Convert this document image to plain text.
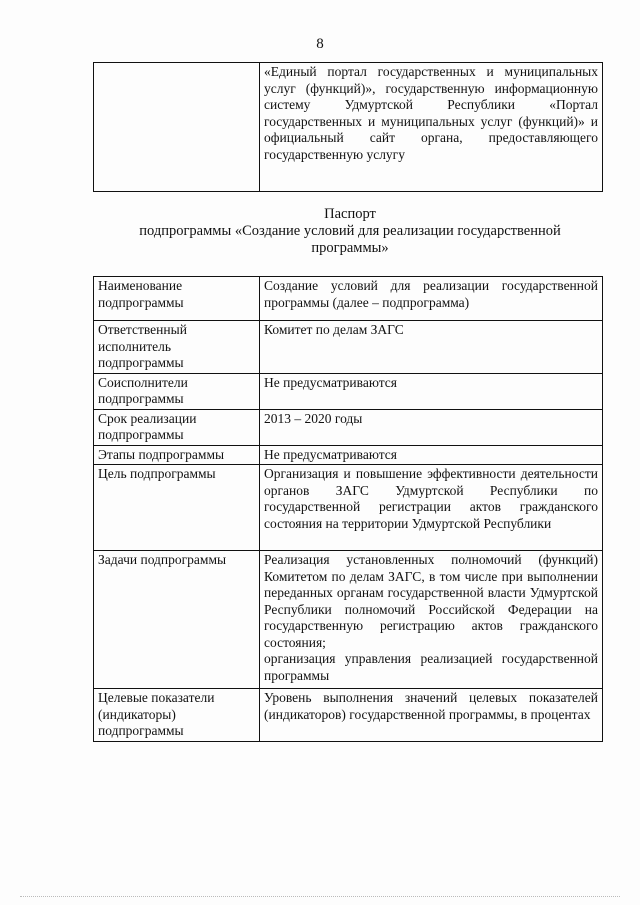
8
	«Единый портал государственных и муниципальных услуг (функций)», государственную информационную систему Удмуртской Республики «Портал государственных и муниципальных услуг (функций)» и официальный сайт органа, предоставляющего государственную услугу
Паспорт
подпрограммы «Создание условий для реализации государственной программы»
Наименование подпрограммы	Создание условий для реализации государственной программы (далее – подпрограмма)
Ответственный исполнитель подпрограммы	Комитет по делам ЗАГС
Соисполнители подпрограммы	Не предусматриваются
Срок реализации подпрограммы	2013 – 2020 годы
Этапы подпрограммы	Не предусматриваются
Цель подпрограммы	Организация и повышение эффективности деятельности органов ЗАГС Удмуртской Республики по государственной регистрации актов гражданского состояния на территории Удмуртской Республики
Задачи подпрограммы	Реализация установленных полномочий (функций) Комитетом по делам ЗАГС, в том числе при выполнении переданных органам государственной власти Удмуртской Республики полномочий Российской Федерации на государственную регистрацию актов гражданского состояния;
организация управления реализацией государственной программы

Целевые показатели (индикаторы) подпрограммы	Уровень выполнения значений целевых показателей (индикаторов) государственной программы, в процентах
